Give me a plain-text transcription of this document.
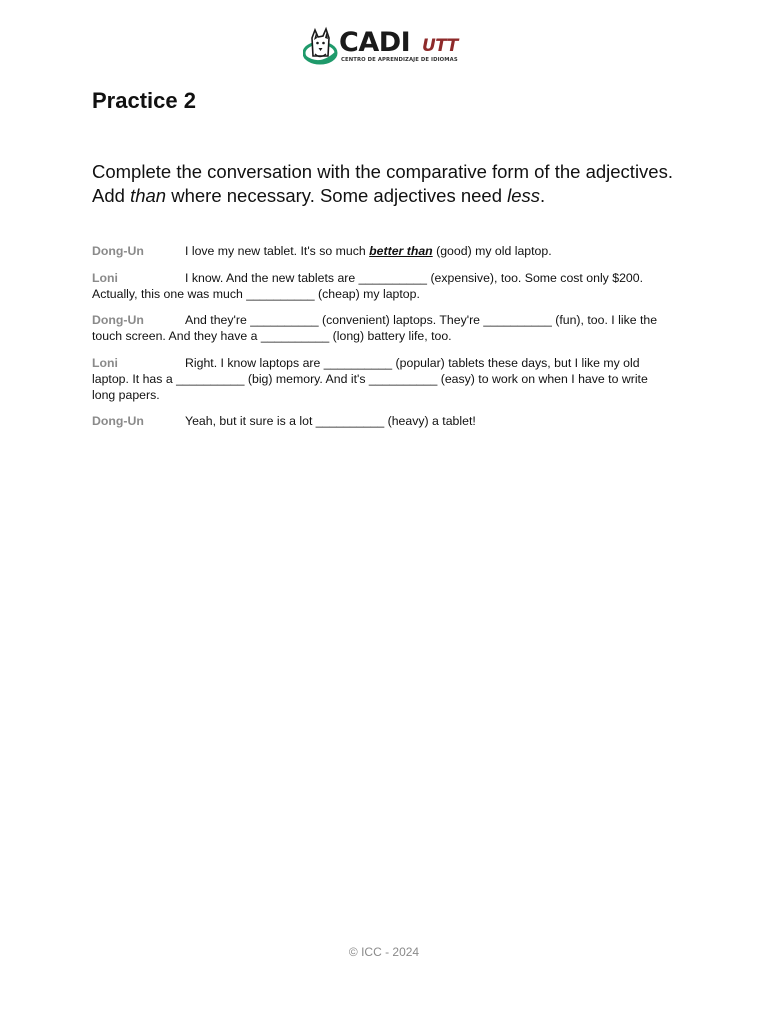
CADI UTT
CENTRO DE APRENDIZAJE DE IDIOMAS
Practice 2

Complete the conversation with the comparative form of the adjectives. Add than where necessary. Some adjectives need less.

Dong-Un	I love my new tablet. It's so much better than (good) my old laptop.

Loni	I know. And the new tablets are __________ (expensive), too. Some cost only $200. Actually, this one was much __________ (cheap) my laptop.

Dong-Un	And they're __________ (convenient) laptops. They're __________ (fun), too. I like the touch screen. And they have a __________ (long) battery life, too.

Loni	Right. I know laptops are __________ (popular) tablets these days, but I like my old laptop. It has a __________ (big) memory. And it's __________ (easy) to work on when I have to write long papers.

Dong-Un	Yeah, but it sure is a lot __________ (heavy) a tablet!

© ICC - 2024
